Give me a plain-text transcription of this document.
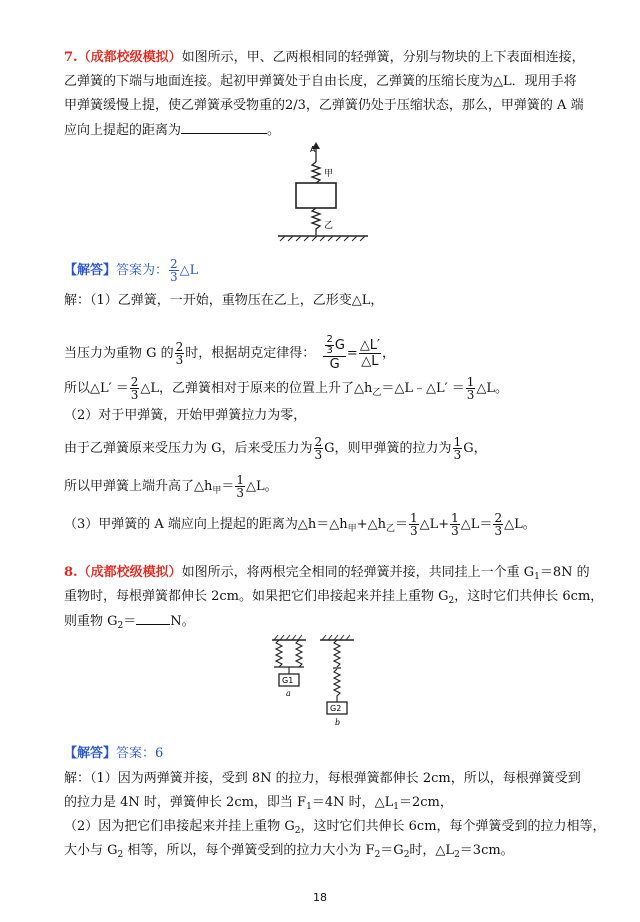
7.（成都校级模拟）如图所示，甲、乙两根相同的轻弹簧，分别与物块的上下表面相连接，
乙弹簧的下端与地面连接。起初甲弹簧处于自由长度，乙弹簧的压缩长度为△L．现用手将
甲弹簧缓慢上提，使乙弹簧承受物重的2/3，乙弹簧仍处于压缩状态，那么，甲弹簧的 A 端
应向上提起的距离为	。
A
甲
乙
【解答】答案为： $\frac{2}{3}$ △L
解：（1）乙弹簧，一开始，重物压在乙上，乙形变△L，
当压力为重物 G 的 $\frac{2}{3}$ 时，根据胡克定律得： $\frac{\frac{2}{3} G}{G} = \frac{\triangle L'}{\triangle L}$ ，
所以△L′ ＝ $\frac{2}{3}$ △L，乙弹簧相对于原来的位置上升了$\triangle h_乙=\triangle L﹣\triangle L' = \frac{1}{3}$ △L。
（2）对于甲弹簧，开始甲弹簧拉力为零，
由于乙弹簧原来受压力为 G，后来受压力为 $\frac{2}{3}$ G，则甲弹簧的拉力为 $\frac{1}{3}$ G，
所以甲弹簧上端升高了$\triangle h_甲= \frac{1}{3}$ △L。
（3）甲弹簧的 A 端应向上提起的距离为$\triangle h=\triangle h_甲+\triangle h_乙= \frac{1}{3}$ △L+ $\frac{1}{3}$ △L＝ $\frac{2}{3}$ △L。
8.（成都校级模拟）如图所示，将两根完全相同的轻弹簧并接，共同挂上一个重 $G_1=8N$ 的
重物时，每根弹簧都伸长 2cm。如果把它们串接起来并挂上重物 $G_2$，这时它们共伸长 6cm，
则重物 $G_2=$	N。
G1
a
G2
b
【解答】答案：6
解：（1）因为两弹簧并接，受到 8N 的拉力，每根弹簧都伸长 2cm，所以，每根弹簧受到
的拉力是 4N 时，弹簧伸长 2cm，即当 $F_1=4N$ 时，$\triangle L_1=2cm$，
（2）因为把它们串接起来并挂上重物 $G_2$，这时它们共伸长 6cm，每个弹簧受到的拉力相等，
大小与 $G_2$ 相等，所以，每个弹簧受到的拉力大小为 $F_2=G_2$时，$\triangle L_2=3cm$。
18
